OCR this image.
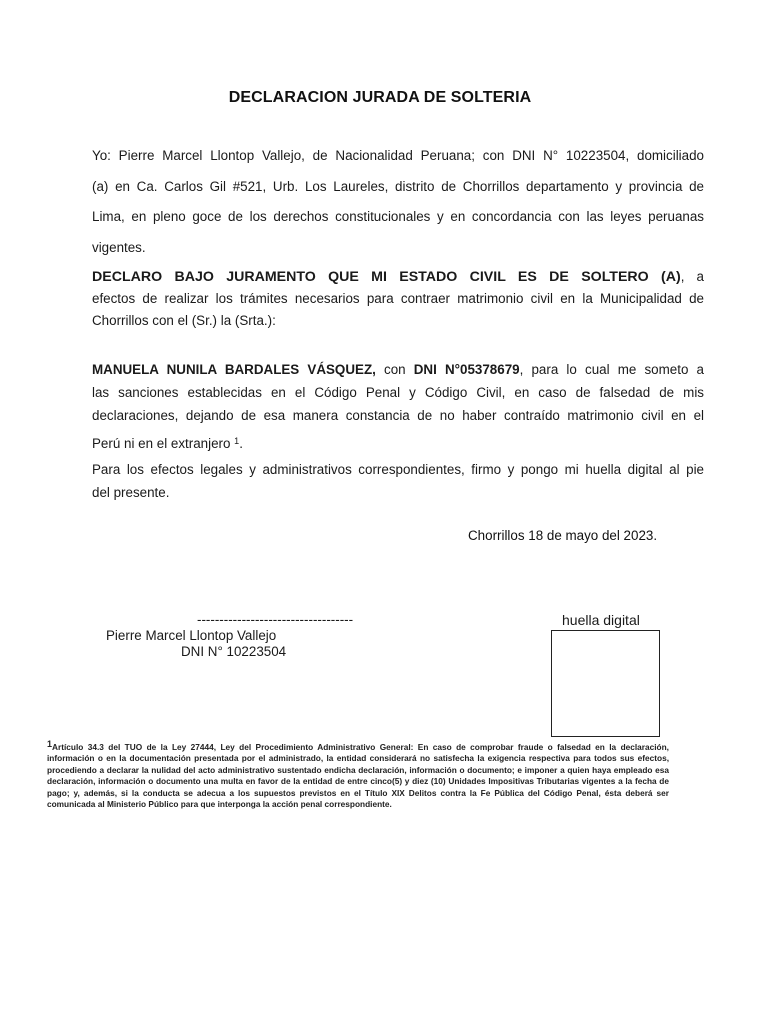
DECLARACION JURADA DE SOLTERIA
Yo: Pierre Marcel Llontop Vallejo, de Nacionalidad Peruana; con DNI N° 10223504, domiciliado
(a) en Ca. Carlos Gil #521, Urb. Los Laureles, distrito de Chorrillos departamento y provincia de
Lima, en pleno goce de los derechos constitucionales y en concordancia con las leyes peruanas
vigentes.
DECLARO BAJO JURAMENTO QUE MI ESTADO CIVIL ES DE SOLTERO (A), a
efectos de realizar los trámites necesarios para contraer matrimonio civil en la Municipalidad de
Chorrillos con el (Sr.) la (Srta.):
MANUELA NUNILA BARDALES VÁSQUEZ, con DNI N°05378679, para lo cual me someto a
las sanciones establecidas en el Código Penal y Código Civil, en caso de falsedad de mis
declaraciones, dejando de esa manera constancia de no haber contraído matrimonio civil en el
Perú ni en el extranjero $^1$.
Para los efectos legales y administrativos correspondientes, firmo y pongo mi huella digital al pie
del presente.
Chorrillos 18 de mayo del 2023.
-----------------------------------
Pierre Marcel Llontop Vallejo
DNI N° 10223504
huella digital
$^1$Artículo 34.3 del TUO de la Ley 27444, Ley del Procedimiento Administrativo General: En caso de comprobar fraude o falsedad en la declaración, información o en la documentación presentada por el administrado, la entidad considerará no satisfecha la exigencia respectiva para todos sus efectos, procediendo a declarar la nulidad del acto administrativo sustentado endicha declaración, información o documento; e imponer a quien haya empleado esa declaración, información o documento una multa en favor de la entidad de entre cinco(5) y diez (10) Unidades Impositivas Tributarias vigentes a la fecha de pago; y, además, si la conducta se adecua a los supuestos previstos en el Título XIX Delitos contra la Fe Pública del Código Penal, ésta deberá ser comunicada al Ministerio Público para que interponga la acción penal correspondiente.
